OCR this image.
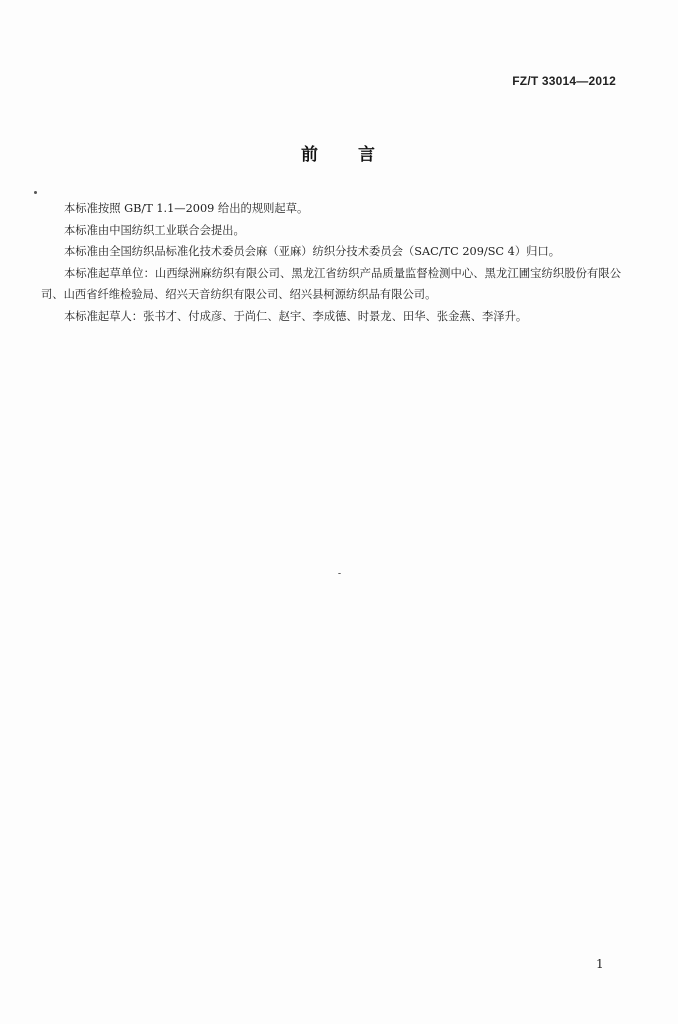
FZ/T 33014—2012
前 言

本标准按照 GB/T 1.1—2009 给出的规则起草。

本标准由中国纺织工业联合会提出。

本标准由全国纺织品标准化技术委员会麻（亚麻）纺织分技术委员会（SAC/TC 209/SC 4）归口。

本标准起草单位：山西绿洲麻纺织有限公司、黑龙江省纺织产品质量监督检测中心、黑龙江圃宝纺织股份有限公司、山西省纤维检验局、绍兴天音纺织有限公司、绍兴县柯源纺织品有限公司。

本标准起草人：张书才、付成彦、于尚仁、赵宇、李成德、时景龙、田华、张金燕、李泽升。

1
